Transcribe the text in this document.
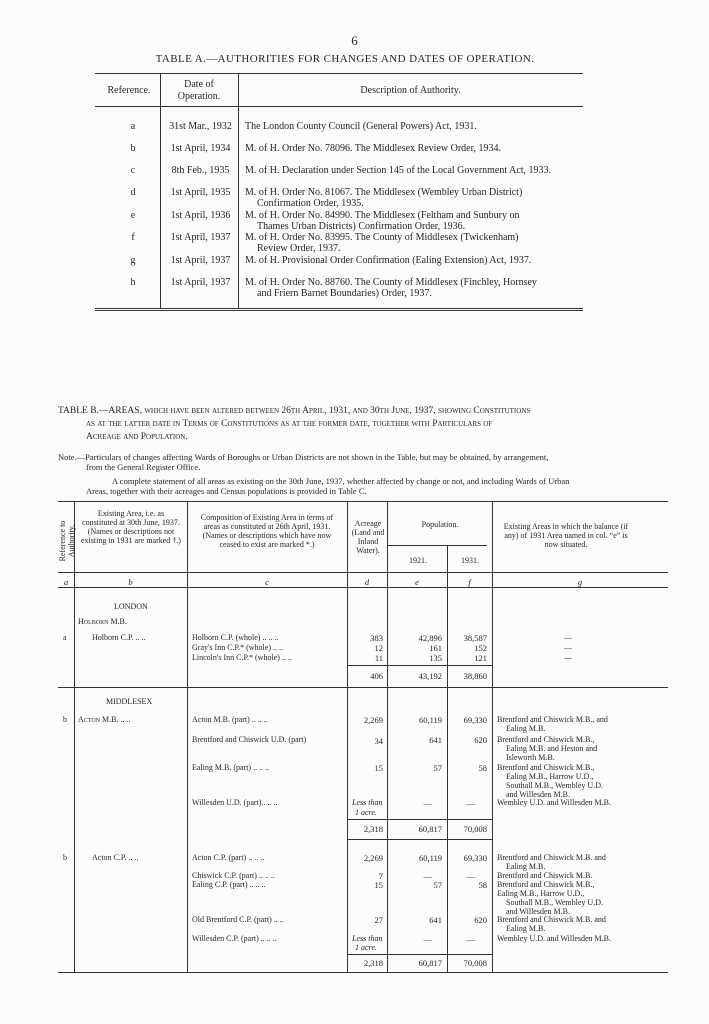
6
TABLE A.—AUTHORITIES FOR CHANGES AND DATES OF OPERATION.
Reference.
Date of
Operation.
Description of Authority.
a	31st Mar., 1932	The London County Council (General Powers) Act, 1931.
b	1st April, 1934	M. of H. Order No. 78096. The Middlesex Review Order, 1934.
c	8th Feb., 1935	M. of H. Declaration under Section 145 of the Local Government Act, 1933.
d	1st April, 1935	M. of H. Order No. 81067. The Middlesex (Wembley Urban District)
Confirmation Order, 1935.
e	1st April, 1936	M. of H. Order No. 84990. The Middlesex (Feltham and Sunbury on
Thames Urban Districts) Confirmation Order, 1936.
f	1st April, 1937	M. of H. Order No. 83995. The County of Middlesex (Twickenham)
Review Order, 1937.
g	1st April, 1937	M. of H. Provisional Order Confirmation (Ealing Extension) Act, 1937.
h	1st April, 1937	M. of H. Order No. 88760. The County of Middlesex (Finchley, Hornsey
and Friern Barnet Boundaries) Order, 1937.
TABLE B.—AREAS, which have been altered between 26th April, 1931, and 30th June, 1937, showing Constitutions
as at the latter date in Terms of Constitutions as at the former date, together with Particulars of
Acreage and Population.
Note.—Particulars of changes affecting Wards of Boroughs or Urban Districts are not shown in the Table, but may be obtained, by arrangement,
from the General Register Office.
A complete statement of all areas as existing on the 30th June, 1937, whether affected by change or not, and including Wards of Urban
Areas, together with their acreages and Census populations is provided in Table C.
Reference to Authority.
Existing Area, i.e. as constituted at 30th June, 1937. (Names or descriptions not existing in 1931 are marked †.)
Composition of Existing Area in terms of areas as constituted at 26th April, 1931. (Names or descriptions which have now ceased to exist are marked *.)
Acreage (Land and Inland Water).
Population.
1921.	1931.
Existing Areas in which the balance (if any) of 1931 Area named in col. “e” is now situated.
a	b	c	d	e	f	g
LONDON
Holborn M.B.
a	Holborn C.P. .. ..	Holborn C.P. (whole) .. .. ..	383	42,896	38,587	—
Gray's Inn C.P.* (whole) .. ..	12	161	152	—
Lincoln's Inn C.P.* (whole) .. ..	11	135	121	—
406	43,192	38,860
MIDDLESEX
b Acton M.B. .. ..	Acton M.B. (part) .. .. ..	2,269	60,119	69,330 Brentford and Chiswick M.B., and
Ealing M.B.
Brentford and Chiswick U.D. (part)	34	641	620 Brentford and Chiswick M.B.,
Ealing M.B. and Heston and
Isleworth M.B.
Ealing M.B. (part) .. .. ..	15	57	58 Brentford and Chiswick M.B.,
Ealing M.B., Harrow U.D.,
Southall M.B., Wembley U.D.
and Willesden M.B.
Willesden U.D. (part).. .. ..	Less than
1 acre.
—	—	Wembley U.D. and Willesden M.B.
2,318	60,817	70,008
b	Acton C.P. .. ..	Acton C.P. (part) .. .. ..	2,269	60,119	69,330 Brentford and Chiswick M.B. and
Ealing M.B.
Chiswick C.P. (part) .. .. ..	7	—	—	Brentford and Chiswick M.B.
Ealing C.P. (part) .. .. ..	15	57	58 Brentford and Chiswick M.B.,
Ealing M.B., Harrow U.D.,
Southall M.B., Wembley U.D.
and Willesden M.B.
Old Brentford C.P. (part) .. ..	27	641	620 Brentford and Chiswick M.B. and
Ealing M.B.
Willesden C.P. (part) .. .. ..	Less than
1 acre.
—	—	Wembley U.D. and Willesden M.B.
2,318	60,817	70,008
